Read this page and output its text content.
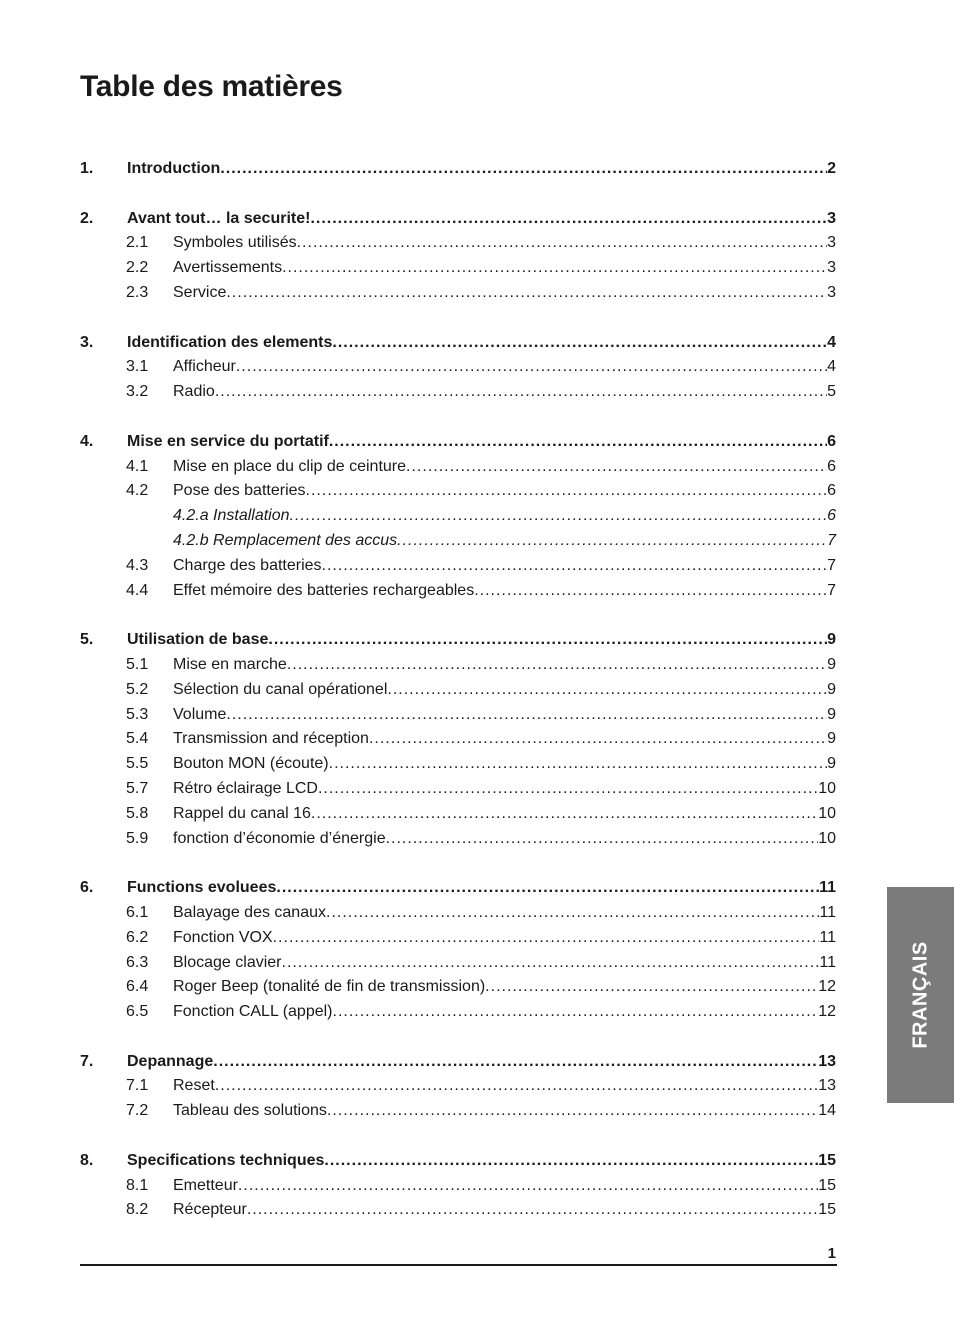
Table des matières
1.	Introduction .....	2
2.	Avant tout… la securite! .....	3
2.1	Symboles utilisés .....	3
2.2	Avertissements .....	3
2.3	Service .....	3
3.	Identification des elements .....	4
3.1	Afficheur .....	4
3.2	Radio .....	5
4.	Mise en service du portatif .....	6
4.1	Mise en place du clip de ceinture .....	6
4.2	Pose des batteries .....	6
4.2.a Installation .....	6
4.2.b Remplacement des accus .....	7
4.3	Charge des batteries .....	7
4.4	Effet mémoire des batteries rechargeables .....	7
5.	Utilisation de base .....	9
5.1	Mise en marche .....	9
5.2	Sélection du canal opérationel .....	9
5.3	Volume .....	9
5.4	Transmission and réception .....	9
5.5	Bouton MON (écoute) .....	9
5.7	Rétro éclairage LCD .....	10
5.8	Rappel du canal 16 .....	10
5.9	fonction d’économie d’énergie .....	10
6.	Functions evoluees .....	11
6.1	Balayage des canaux .....	11
6.2	Fonction VOX .....	11
6.3	Blocage clavier .....	11
6.4	Roger Beep (tonalité de fin de transmission) .....	12
6.5	Fonction CALL (appel) .....	12
7.	Depannage .....	13
7.1	Reset .....	13
7.2	Tableau des solutions .....	14
8.	Specifications techniques .....	15
8.1	Emetteur .....	15
8.2	Récepteur .....	15
1
FRANÇAIS
